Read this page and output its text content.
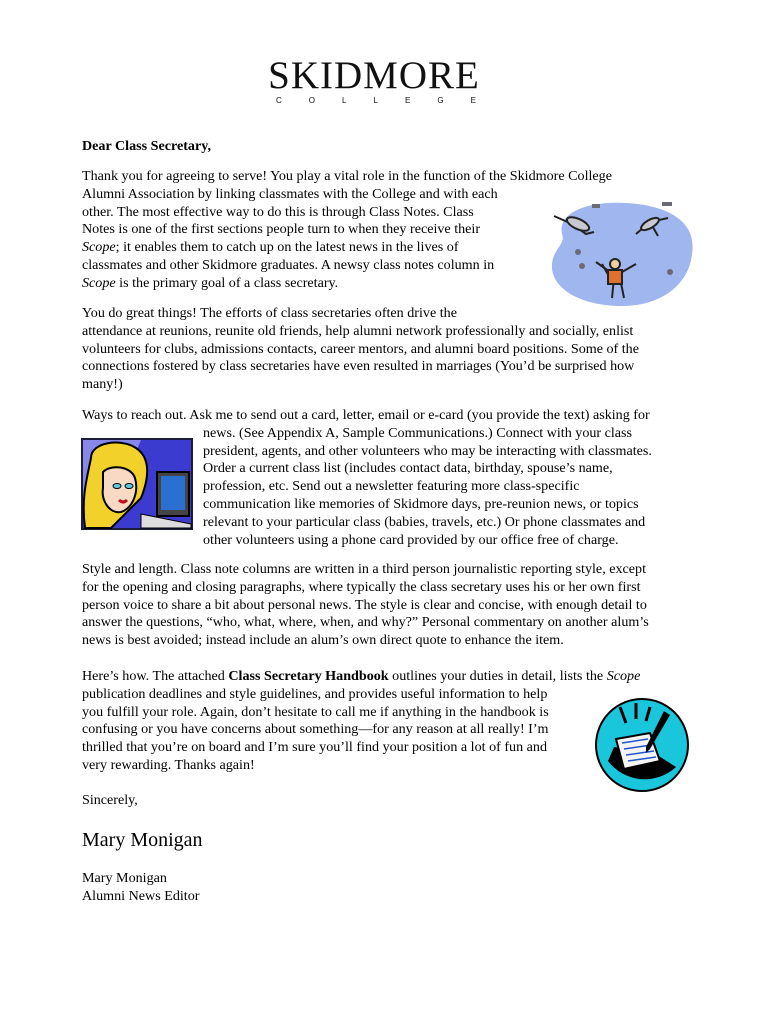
SKIDMORE
C	O	L	L	E	G	E

Dear Class Secretary,

Thank you for agreeing to serve! You play a vital role in the function of the Skidmore College
Alumni Association by linking classmates with the College and with each
other. The most effective way to do this is through Class Notes. Class
Notes is one of the first sections people turn to when they receive their
Scope; it enables them to catch up on the latest news in the lives of
classmates and other Skidmore graduates. A newsy class notes column in
Scope is the primary goal of a class secretary.
You do great things! The efforts of class secretaries often drive the
attendance at reunions, reunite old friends, help alumni network professionally and socially, enlist
volunteers for clubs, admissions contacts, career mentors, and alumni board positions. Some of the
connections fostered by class secretaries have even resulted in marriages (You’d be surprised how
many!)
Ways to reach out. Ask me to send out a card, letter, email or e-card (you provide the text) asking for
news. (See Appendix A, Sample Communications.) Connect with your class
president, agents, and other volunteers who may be interacting with classmates.
Order a current class list (includes contact data, birthday, spouse’s name,
profession, etc. Send out a newsletter featuring more class-specific
communication like memories of Skidmore days, pre-reunion news, or topics
relevant to your particular class (babies, travels, etc.) Or phone classmates and
other volunteers using a phone card provided by our office free of charge.
Style and length. Class note columns are written in a third person journalistic reporting style, except
for the opening and closing paragraphs, where typically the class secretary uses his or her own first
person voice to share a bit about personal news. The style is clear and concise, with enough detail to
answer the questions, “who, what, where, when, and why?” Personal commentary on another alum’s
news is best avoided; instead include an alum’s own direct quote to enhance the item.
Here’s how. The attached Class Secretary Handbook outlines your duties in detail, lists the Scope
publication deadlines and style guidelines, and provides useful information to help
you fulfill your role. Again, don’t hesitate to call me if anything in the handbook is
confusing or you have concerns about something—for any reason at all really! I’m
thrilled that you’re on board and I’m sure you’ll find your position a lot of fun and
very rewarding. Thanks again!

Sincerely,

Mary Monigan

Mary Monigan
Alumni News Editor
